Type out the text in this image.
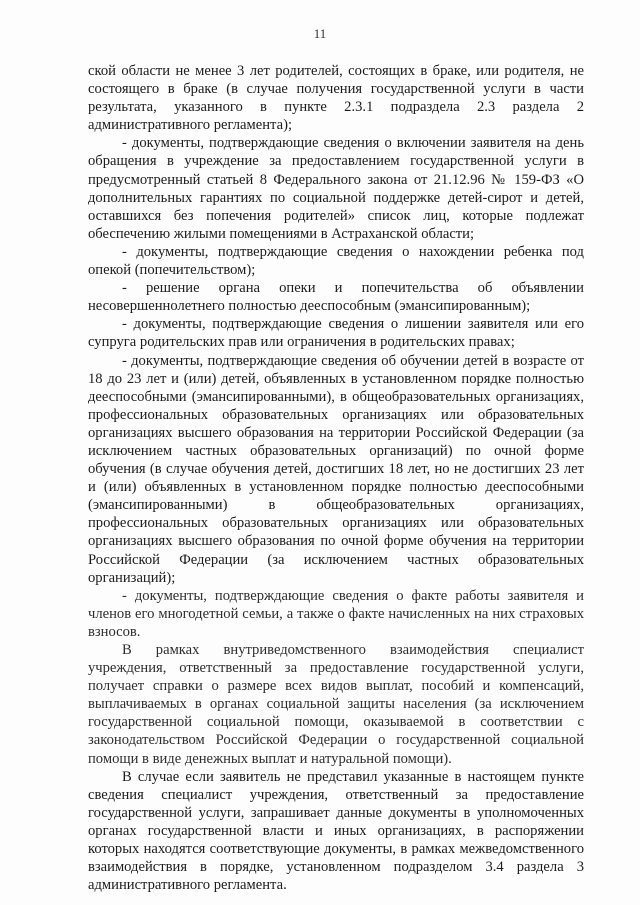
11

ской области не менее 3 лет родителей, состоящих в браке, или родителя, не состоящего в браке (в случае получения государственной услуги в части результата, указанного в пункте 2.3.1 подраздела 2.3 раздела 2 административного регламента);

- документы, подтверждающие сведения о включении заявителя на день обращения в учреждение за предоставлением государственной услуги в предусмотренный статьей 8 Федерального закона от 21.12.96 № 159-ФЗ «О дополнительных гарантиях по социальной поддержке детей-сирот и детей, оставшихся без попечения родителей» список лиц, которые подлежат обеспечению жилыми помещениями в Астраханской области;

- документы, подтверждающие сведения о нахождении ребенка под опекой (попечительством);

- решение органа опеки и попечительства об объявлении несовершеннолетнего полностью дееспособным (эмансипированным);

- документы, подтверждающие сведения о лишении заявителя или его супруга родительских прав или ограничения в родительских правах;

- документы, подтверждающие сведения об обучении детей в возрасте от 18 до 23 лет и (или) детей, объявленных в установленном порядке полностью дееспособными (эмансипированными), в общеобразовательных организациях, профессиональных образовательных организациях или образовательных организациях высшего образования на территории Российской Федерации (за исключением частных образовательных организаций) по очной форме обучения (в случае обучения детей, достигших 18 лет, но не достигших 23 лет и (или) объявленных в установленном порядке полностью дееспособными (эмансипированными) в общеобразовательных организациях, профессиональных образовательных организациях или образовательных организациях высшего образования по очной форме обучения на территории Российской Федерации (за исключением частных образовательных организаций);

- документы, подтверждающие сведения о факте работы заявителя и членов его многодетной семьи, а также о факте начисленных на них страховых взносов.

В рамках внутриведомственного взаимодействия специалист учреждения, ответственный за предоставление государственной услуги, получает справки о размере всех видов выплат, пособий и компенсаций, выплачиваемых в органах социальной защиты населения (за исключением государственной социальной помощи, оказываемой в соответствии с законодательством Российской Федерации о государственной социальной помощи в виде денежных выплат и натуральной помощи).

В случае если заявитель не представил указанные в настоящем пункте сведения специалист учреждения, ответственный за предоставление государственной услуги, запрашивает данные документы в уполномоченных органах государственной власти и иных организациях, в распоряжении которых находятся соответствующие документы, в рамках межведомственного взаимодействия в порядке, установленном подразделом 3.4 раздела 3 административного регламента.
